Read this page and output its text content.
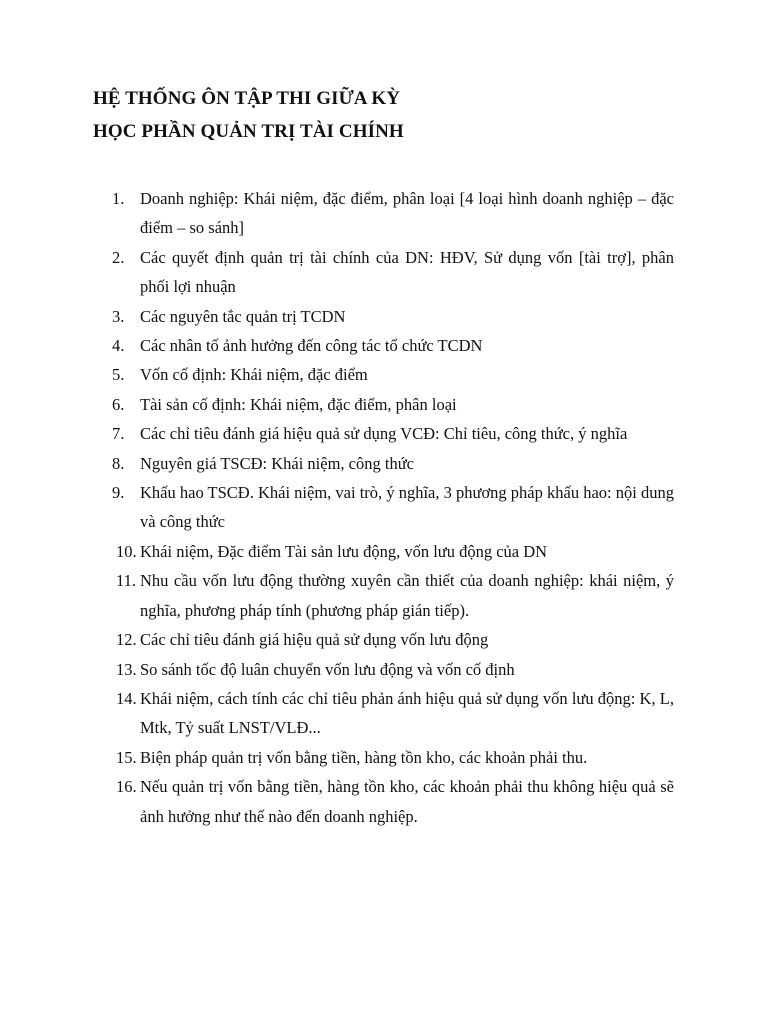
HỆ THỐNG ÔN TẬP THI GIỮA KỲ
HỌC PHẦN QUẢN TRỊ TÀI CHÍNH
1. Doanh nghiệp: Khái niệm, đặc điểm, phân loại [4 loại hình doanh nghiệp – đặc điểm – so sánh]
2. Các quyết định quản trị tài chính của DN: HĐV, Sử dụng vốn [tài trợ], phân phối lợi nhuận
3. Các nguyên tắc quản trị TCDN
4. Các nhân tố ảnh hưởng đến công tác tổ chức TCDN
5. Vốn cố định: Khái niệm, đặc điểm
6. Tài sản cố định: Khái niệm, đặc điểm, phân loại
7. Các chỉ tiêu đánh giá hiệu quả sử dụng VCĐ: Chỉ tiêu, công thức, ý nghĩa
8. Nguyên giá TSCĐ: Khái niệm, công thức
9. Khấu hao TSCĐ. Khái niệm, vai trò, ý nghĩa, 3 phương pháp khấu hao: nội dung và công thức
10. Khái niệm, Đặc điểm Tài sản lưu động, vốn lưu động của DN
11. Nhu cầu vốn lưu động thường xuyên cần thiết của doanh nghiệp: khái niệm, ý nghĩa, phương pháp tính (phương pháp gián tiếp).
12. Các chỉ tiêu đánh giá hiệu quả sử dụng vốn lưu động
13. So sánh tốc độ luân chuyển vốn lưu động và vốn cố định
14. Khái niệm, cách tính các chỉ tiêu phản ánh hiệu quả sử dụng vốn lưu động: K, L, Mtk, Tỷ suất LNST/VLĐ...
15. Biện pháp quản trị vốn bằng tiền, hàng tồn kho, các khoản phải thu.
16. Nếu quản trị vốn bằng tiền, hàng tồn kho, các khoản phải thu không hiệu quả sẽ ảnh hưởng như thế nào đến doanh nghiệp.
